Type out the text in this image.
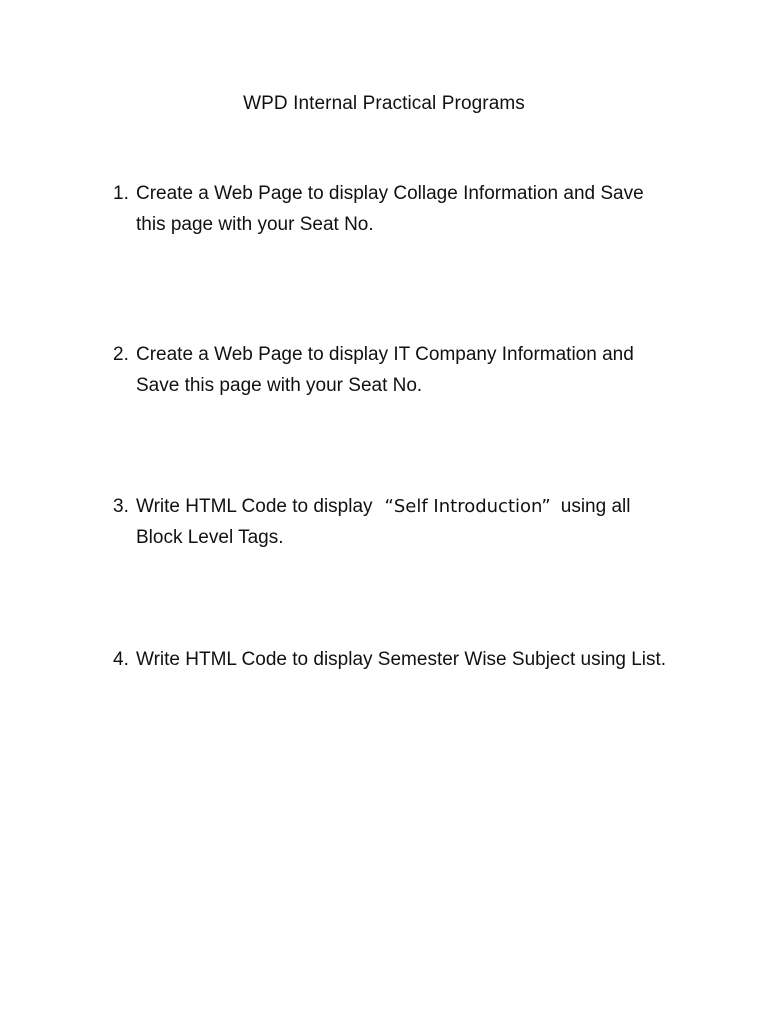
WPD Internal Practical Programs
1. Create a Web Page to display Collage Information and Save this page with your Seat No.
2. Create a Web Page to display IT Company Information and Save this page with your Seat No.
3. Write HTML Code to display “Self Introduction” using all Block Level Tags.
4. Write HTML Code to display Semester Wise Subject using List.
